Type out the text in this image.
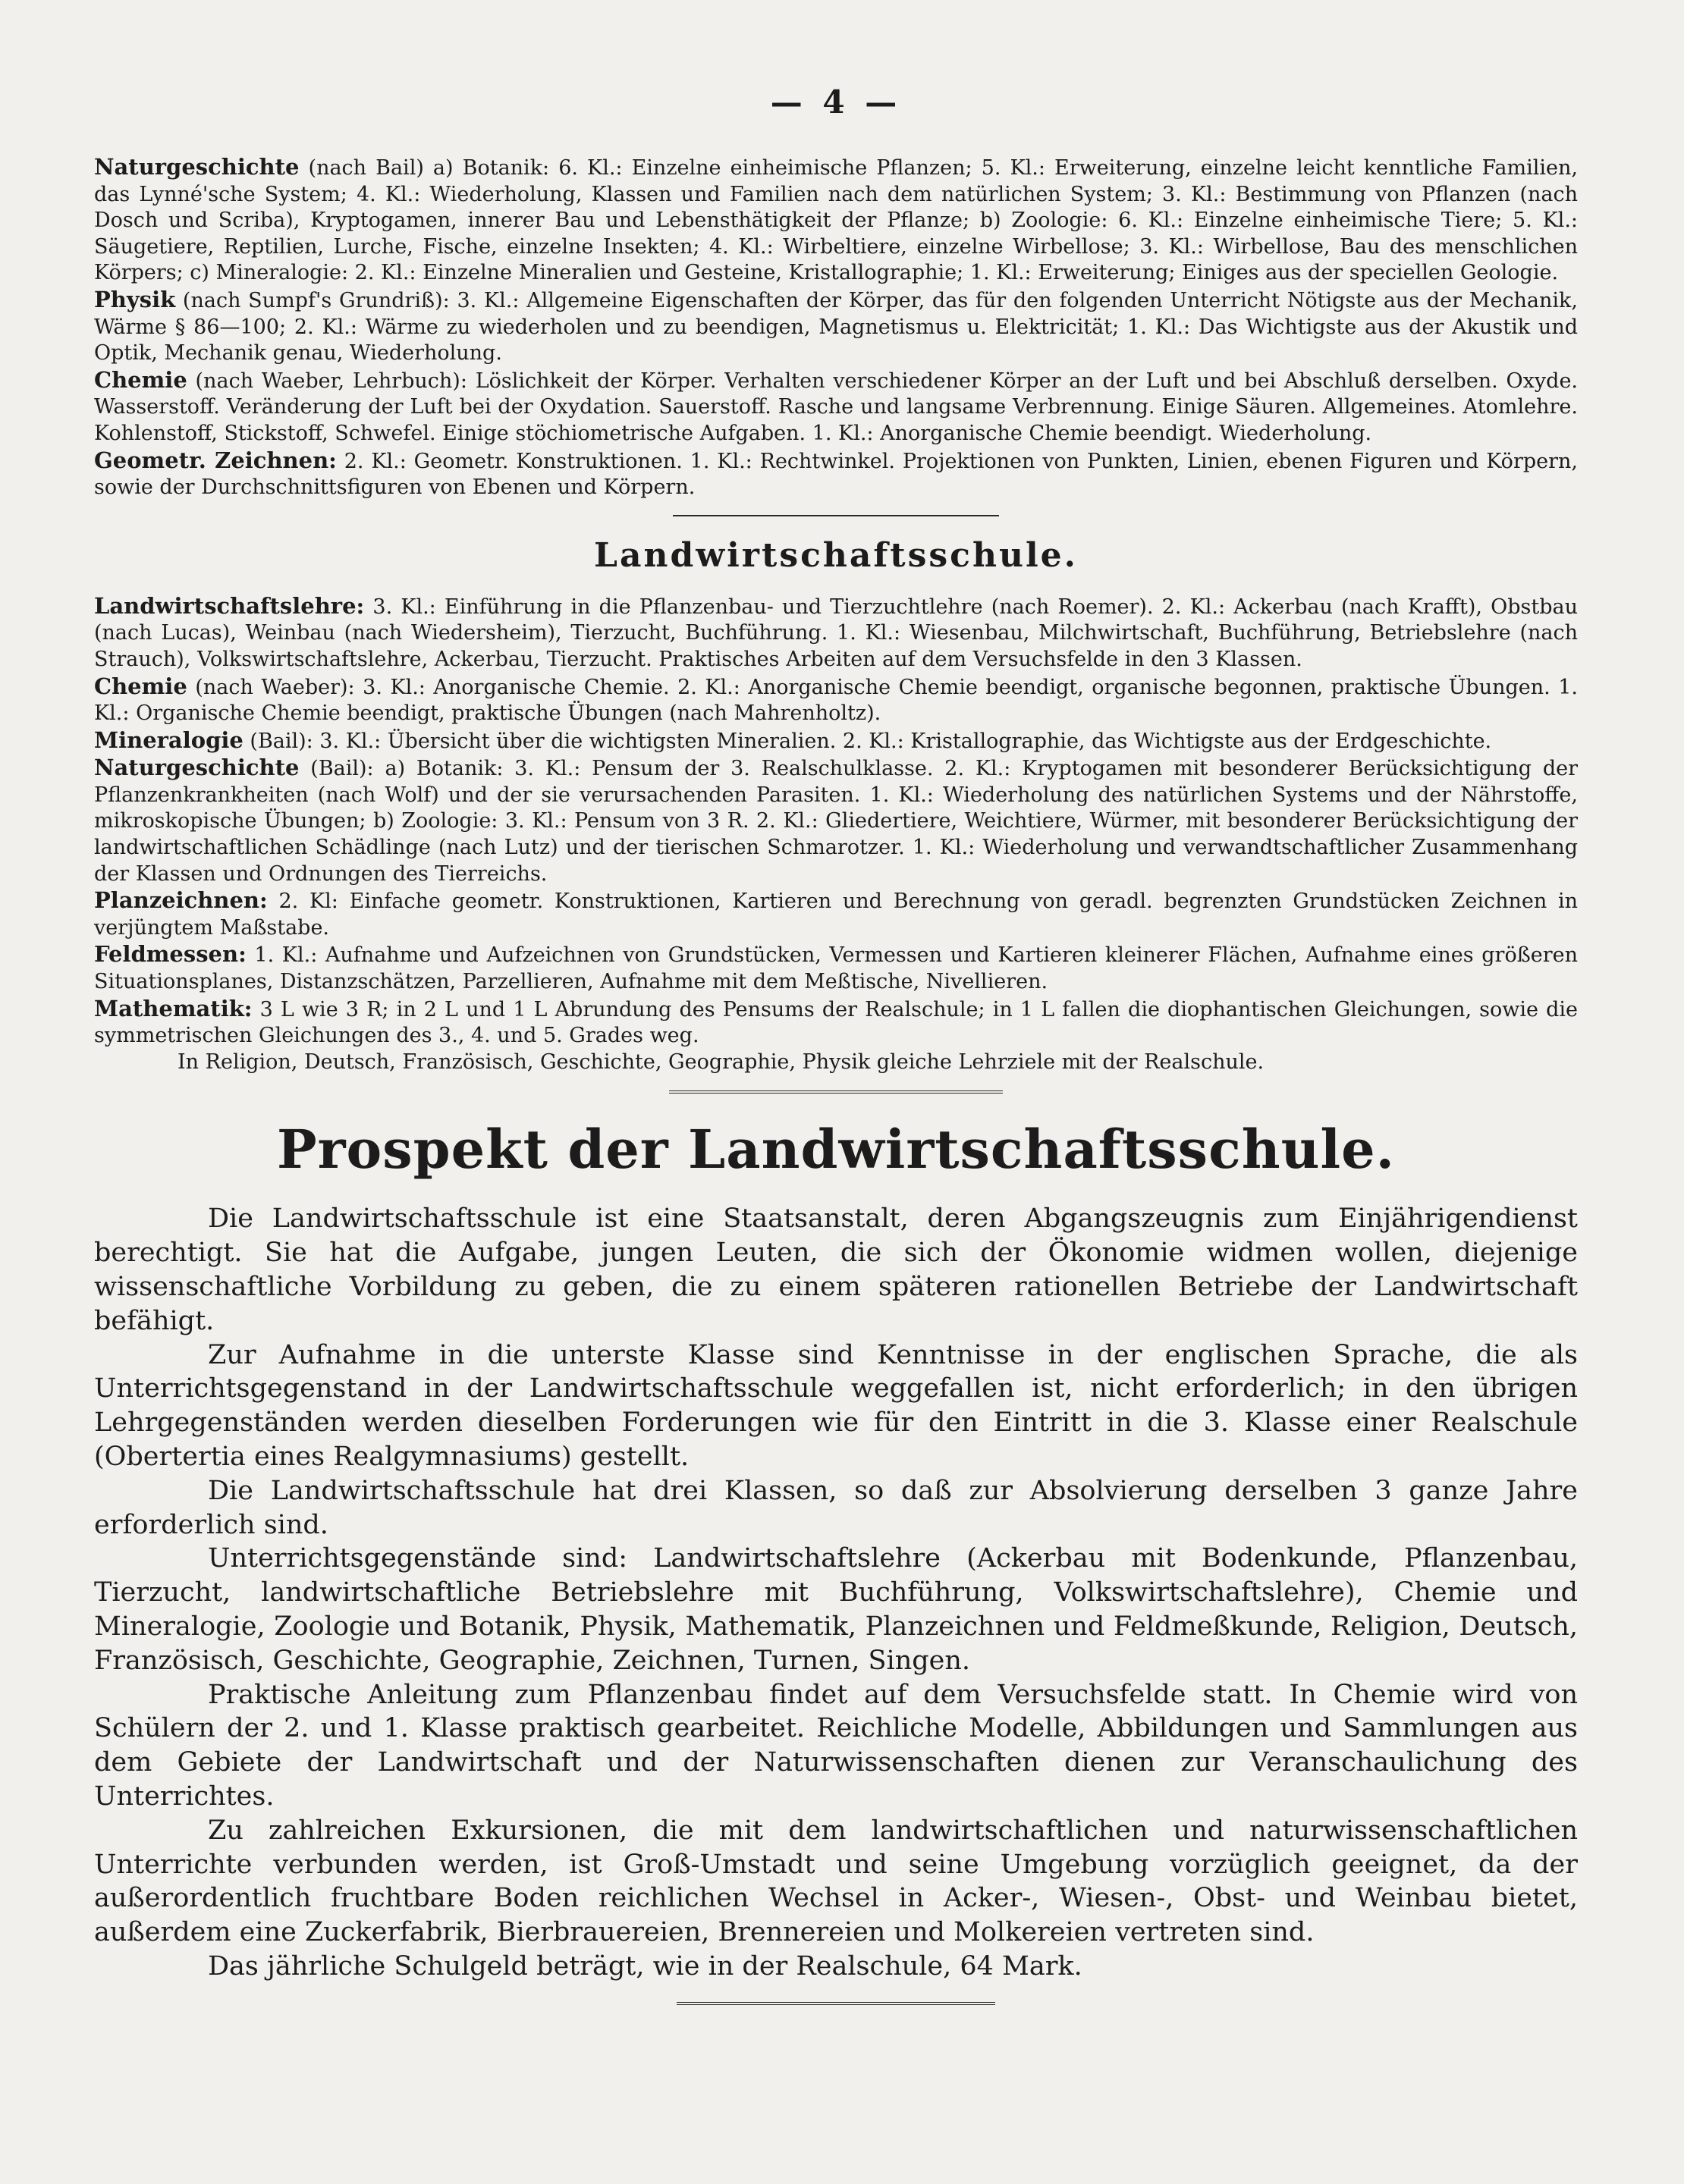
— 4 —

Naturgeschichte (nach Bail) a) Botanik: 6. Kl.: Einzelne einheimische Pflanzen; 5. Kl.: Erweiterung, einzelne leicht kenntliche Familien, das Lynné'sche System; 4. Kl.: Wiederholung, Klassen und Familien nach dem natürlichen System; 3. Kl.: Bestimmung von Pflanzen (nach Dosch und Scriba), Kryptogamen, innerer Bau und Lebensthätigkeit der Pflanze; b) Zoologie: 6. Kl.: Einzelne einheimische Tiere; 5. Kl.: Säugetiere, Reptilien, Lurche, Fische, einzelne Insekten; 4. Kl.: Wirbeltiere, einzelne Wirbellose; 3. Kl.: Wirbellose, Bau des menschlichen Körpers; c) Mineralogie: 2. Kl.: Einzelne Mineralien und Gesteine, Kristallographie; 1. Kl.: Erweiterung; Einiges aus der speciellen Geologie.

Physik (nach Sumpf's Grundriß): 3. Kl.: Allgemeine Eigenschaften der Körper, das für den folgenden Unterricht Nötigste aus der Mechanik, Wärme § 86—100; 2. Kl.: Wärme zu wiederholen und zu beendigen, Magnetismus u. Elektricität; 1. Kl.: Das Wichtigste aus der Akustik und Optik, Mechanik genau, Wiederholung.

Chemie (nach Waeber, Lehrbuch): Löslichkeit der Körper. Verhalten verschiedener Körper an der Luft und bei Abschluß derselben. Oxyde. Wasserstoff. Veränderung der Luft bei der Oxydation. Sauerstoff. Rasche und langsame Verbrennung. Einige Säuren. Allgemeines. Atomlehre. Kohlenstoff, Stickstoff, Schwefel. Einige stöchiometrische Aufgaben. 1. Kl.: Anorganische Chemie beendigt. Wiederholung.

Geometr. Zeichnen: 2. Kl.: Geometr. Konstruktionen. 1. Kl.: Rechtwinkel. Projektionen von Punkten, Linien, ebenen Figuren und Körpern, sowie der Durchschnittsfiguren von Ebenen und Körpern.

Landwirtschaftsschule.

Landwirtschaftslehre: 3. Kl.: Einführung in die Pflanzenbau- und Tierzuchtlehre (nach Roemer). 2. Kl.: Ackerbau (nach Krafft), Obstbau (nach Lucas), Weinbau (nach Wiedersheim), Tierzucht, Buchführung. 1. Kl.: Wiesenbau, Milchwirtschaft, Buchführung, Betriebslehre (nach Strauch), Volkswirtschaftslehre, Ackerbau, Tierzucht. Praktisches Arbeiten auf dem Versuchsfelde in den 3 Klassen.

Chemie (nach Waeber): 3. Kl.: Anorganische Chemie. 2. Kl.: Anorganische Chemie beendigt, organische begonnen, praktische Übungen. 1. Kl.: Organische Chemie beendigt, praktische Übungen (nach Mahrenholtz).

Mineralogie (Bail): 3. Kl.: Übersicht über die wichtigsten Mineralien. 2. Kl.: Kristallographie, das Wichtigste aus der Erdgeschichte.

Naturgeschichte (Bail): a) Botanik: 3. Kl.: Pensum der 3. Realschulklasse. 2. Kl.: Kryptogamen mit besonderer Berücksichtigung der Pflanzenkrankheiten (nach Wolf) und der sie verursachenden Parasiten. 1. Kl.: Wiederholung des natürlichen Systems und der Nährstoffe, mikroskopische Übungen; b) Zoologie: 3. Kl.: Pensum von 3 R. 2. Kl.: Gliedertiere, Weichtiere, Würmer, mit besonderer Berücksichtigung der landwirtschaftlichen Schädlinge (nach Lutz) und der tierischen Schmarotzer. 1. Kl.: Wiederholung und verwandtschaftlicher Zusammenhang der Klassen und Ordnungen des Tierreichs.

Planzeichnen: 2. Kl: Einfache geometr. Konstruktionen, Kartieren und Berechnung von geradl. begrenzten Grundstücken Zeichnen in verjüngtem Maßstabe.

Feldmessen: 1. Kl.: Aufnahme und Aufzeichnen von Grundstücken, Vermessen und Kartieren kleinerer Flächen, Aufnahme eines größeren Situationsplanes, Distanzschätzen, Parzellieren, Aufnahme mit dem Meßtische, Nivellieren.

Mathematik: 3 L wie 3 R; in 2 L und 1 L Abrundung des Pensums der Realschule; in 1 L fallen die diophantischen Gleichungen, sowie die symmetrischen Gleichungen des 3., 4. und 5. Grades weg.

In Religion, Deutsch, Französisch, Geschichte, Geographie, Physik gleiche Lehrziele mit der Realschule.

Prospekt der Landwirtschaftsschule.

Die Landwirtschaftsschule ist eine Staatsanstalt, deren Abgangszeugnis zum Einjährigendienst berechtigt. Sie hat die Aufgabe, jungen Leuten, die sich der Ökonomie widmen wollen, diejenige wissenschaftliche Vorbildung zu geben, die zu einem späteren rationellen Betriebe der Landwirtschaft befähigt.

Zur Aufnahme in die unterste Klasse sind Kenntnisse in der englischen Sprache, die als Unterrichtsgegenstand in der Landwirtschaftsschule weggefallen ist, nicht erforderlich; in den übrigen Lehrgegenständen werden dieselben Forderungen wie für den Eintritt in die 3. Klasse einer Realschule (Obertertia eines Realgymnasiums) gestellt.

Die Landwirtschaftsschule hat drei Klassen, so daß zur Absolvierung derselben 3 ganze Jahre erforderlich sind.

Unterrichtsgegenstände sind: Landwirtschaftslehre (Ackerbau mit Bodenkunde, Pflanzenbau, Tierzucht, landwirtschaftliche Betriebslehre mit Buchführung, Volkswirtschaftslehre), Chemie und Mineralogie, Zoologie und Botanik, Physik, Mathematik, Planzeichnen und Feldmeßkunde, Religion, Deutsch, Französisch, Geschichte, Geographie, Zeichnen, Turnen, Singen.

Praktische Anleitung zum Pflanzenbau findet auf dem Versuchsfelde statt. In Chemie wird von Schülern der 2. und 1. Klasse praktisch gearbeitet. Reichliche Modelle, Abbildungen und Sammlungen aus dem Gebiete der Landwirtschaft und der Naturwissenschaften dienen zur Veranschaulichung des Unterrichtes.

Zu zahlreichen Exkursionen, die mit dem landwirtschaftlichen und naturwissenschaftlichen Unterrichte verbunden werden, ist Groß-Umstadt und seine Umgebung vorzüglich geeignet, da der außerordentlich fruchtbare Boden reichlichen Wechsel in Acker-, Wiesen-, Obst- und Weinbau bietet, außerdem eine Zuckerfabrik, Bierbrauereien, Brennereien und Molkereien vertreten sind.

Das jährliche Schulgeld beträgt, wie in der Realschule, 64 Mark.
